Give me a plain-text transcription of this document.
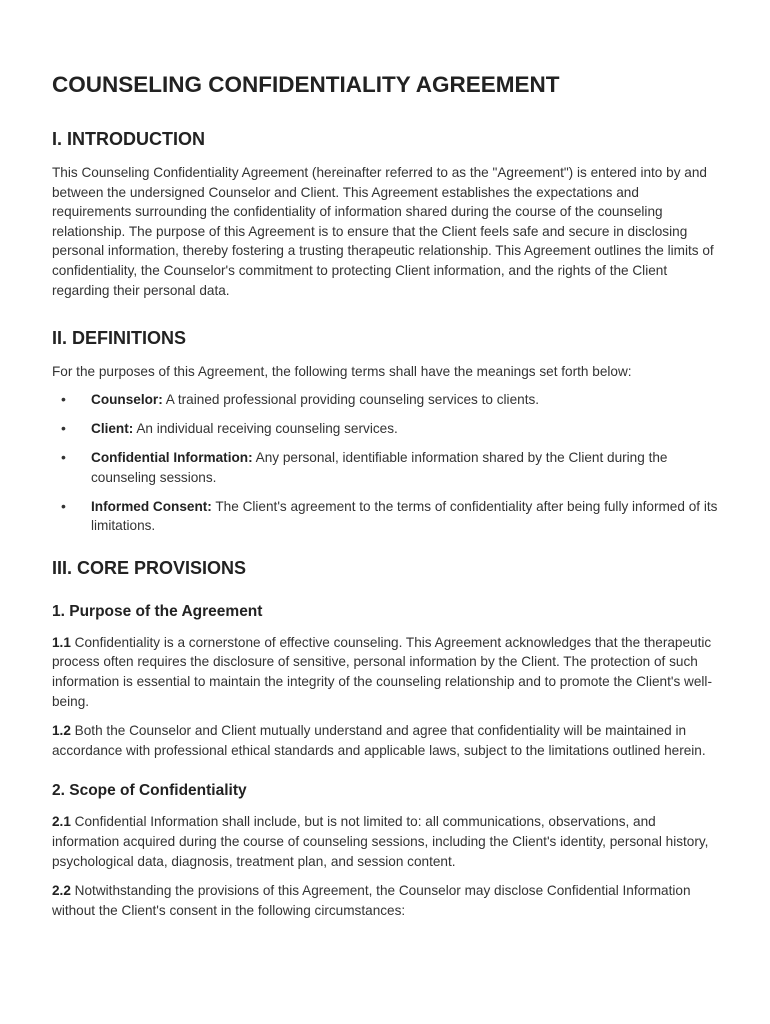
COUNSELING CONFIDENTIALITY AGREEMENT
I. INTRODUCTION

This Counseling Confidentiality Agreement (hereinafter referred to as the "Agreement") is entered into by and between the undersigned Counselor and Client. This Agreement establishes the expectations and requirements surrounding the confidentiality of information shared during the course of the counseling relationship. The purpose of this Agreement is to ensure that the Client feels safe and secure in disclosing personal information, thereby fostering a trusting therapeutic relationship. This Agreement outlines the limits of confidentiality, the Counselor's commitment to protecting Client information, and the rights of the Client regarding their personal data.

II. DEFINITIONS

For the purposes of this Agreement, the following terms shall have the meanings set forth below:

• Counselor: A trained professional providing counseling services to clients.
• Client: An individual receiving counseling services.
• Confidential Information: Any personal, identifiable information shared by the Client during the counseling sessions.
• Informed Consent: The Client's agreement to the terms of confidentiality after being fully informed of its limitations.
III. CORE PROVISIONS
1. Purpose of the Agreement

1.1 Confidentiality is a cornerstone of effective counseling. This Agreement acknowledges that the therapeutic process often requires the disclosure of sensitive, personal information by the Client. The protection of such information is essential to maintain the integrity of the counseling relationship and to promote the Client's well-being.

1.2 Both the Counselor and Client mutually understand and agree that confidentiality will be maintained in accordance with professional ethical standards and applicable laws, subject to the limitations outlined herein.

2. Scope of Confidentiality

2.1 Confidential Information shall include, but is not limited to: all communications, observations, and information acquired during the course of counseling sessions, including the Client's identity, personal history, psychological data, diagnosis, treatment plan, and session content.

2.2 Notwithstanding the provisions of this Agreement, the Counselor may disclose Confidential Information without the Client's consent in the following circumstances:
